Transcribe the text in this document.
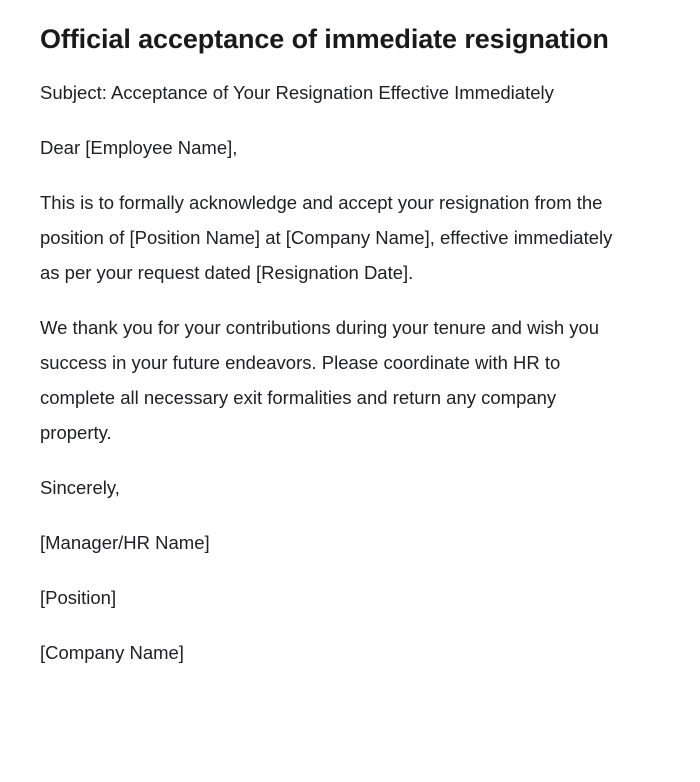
Official acceptance of immediate resignation

Subject: Acceptance of Your Resignation Effective Immediately

Dear [Employee Name],

This is to formally acknowledge and accept your resignation from the position of [Position Name] at [Company Name], effective immediately as per your request dated [Resignation Date].

We thank you for your contributions during your tenure and wish you success in your future endeavors. Please coordinate with HR to complete all necessary exit formalities and return any company property.

Sincerely,

[Manager/HR Name]

[Position]

[Company Name]
